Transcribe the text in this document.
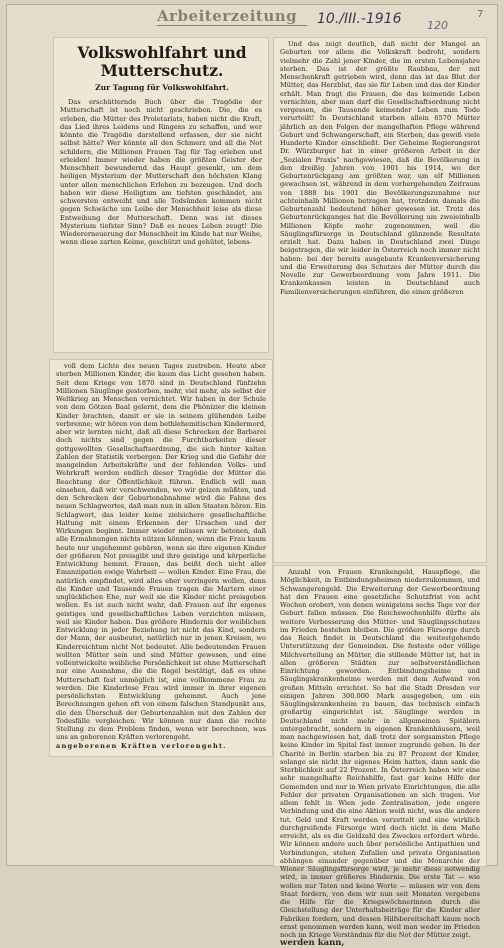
Arbeiterzeitung 10./III.-1916 120
7
Volkswohlfahrt und Mutterschutz.
Zur Tagung für Volkswohlfahrt.

Das erschütternde Buch über die Tragödie der Mutterschaft ist noch nicht geschrieben. Die, die es erleben, die Mütter des Proletariats, haben nicht die Kraft, das Lied ihres Leidens und Ringens zu schaffen, und wer könnte die Tragödie darstellend erfassen, der sie nicht selbst hätte? Wer könnte all den Schmerz und all die Not schildern, die Millionen Frauen Tag für Tag erleben und erleiden! Immer wieder haben die größten Geister der Menschheit bewundernd das Haupt gesenkt, um dem heiligen Mysterium der Mutterschaft den höchsten Klang unter allen menschlichen Erleben zu bezeugen. Und doch haben wir diese Heiligtum am tiefsten geschändet, am schwersten entweiht und alle Todsünden kommen nicht gegen Schwäche um Leibe der Menschheit leise als diese Entweihung der Mutterschaft. Denn was ist dieses Mysterium tiefster Sinn? Daß es neues Leben zeugt! Die Wiedererneuerung der Menschheit im Kinde hat nur Weihe, wenn diese zarten Keime, geschützt und gehütet, lebens-

Und das zeigt deutlich, daß nicht der Mangel an Geburten vor allem die Volkskraft bedroht, sondern vielmehr die Zahl jener Kinder, die im ersten Lebensjahre sterben. Das ist der größte Raubbau, der mit Menschenkraft getrieben wird, denn das ist das Blut der Mütter, das Herzblut, das sie für Leben und das der Kinder erhält. Man fragt die Frauen, die das keimende Leben vernichten, aber man darf die Gesellschaftsordnung nicht vergessen, die Tausende keimender Leben zum Tode verurteilt! In Deutschland starben allein 6570 Mütter jährlich an den Folgen der mangelhaften Pflege während Geburt und Schwangerschaft, ein Sterben, das gewiß viele Hunderte Kinder einschließt. Der Geheime Regierungsrat Dr. Würzburger hat in einer größeren Arbeit in der „Sozialen Praxis“ nachgewiesen, daß die Bevölkerung in den dreißig Jahren von 1901 bis 1914, wo der Geburtenrückgang am größten war, um elf Millionen gewachsen ist, während in dem vorhergehenden Zeitraum von 1888 bis 1901 die Bevölkerungszunahme nur achteinhalb Millionen betragen hat, trotzdem damals die Geburtenzahl bedeutend höher gewesen ist. Trotz des Geburtenrückganges hat die Bevölkerung um zweieinhalb Millionen Köpfe mehr zugenommen, weil die Säuglingsfürsorge in Deutschland glänzende Resultate erzielt hat. Dazu haben in Deutschland zwei Dinge beigetragen, die wir leider in Österreich noch immer nicht haben: bei der bereits ausgebaute Krankenversicherung und die Erweiterung des Schutzes der Mütter durch die Novelle zur Gewerbeordnung vom Jahre 1911. Die Krankenkassen leisten in Deutschland auch Familienversicherungen einführen, die einen größeren

voll dem Lichte des neuen Tages zustreben. Heute aber sterben Millionen Kinder, die kaum das Licht gesehen haben. Seit dem Kriege von 1870 sind in Deutschland fünfzehn Millionen Säuglinge gestorben, mehr, viel mehr, als selbst der Weltkrieg an Menschen vernichtet. Wir haben in der Schule von dem Götzen Baal gelernt, dem die Phönizier die kleinen Kinder brachten, damit er sie in seinem glühenden Leibe verbrenne; wir hören von dem bethlehemitischen Kindermord, aber wir lernten nicht, daß all diese Schrecken der Barbarei doch nichts sind gegen die Furchtbarkeiten dieser gottgewollten Gesellschaftsordnung, die sich hinter kalten Zahlen der Statistik verbergen. Der Krieg und die Gefahr der mangelnden Arbeitskräfte und der fehlenden Volks- und Wehrkraft werden endlich dieser Tragödie der Mütter die Beachtung der Öffentlichkeit führen. Endlich will man einsehen, daß wir verschwenden, wo wir geizen müßten, und den Schrecken der Geburtenabnahme wird die Fahne des neuen Schlagwortes, daß man nun in allen Staaten hören. Ein Schlagwort, das leider keine zielsichere gesellschaftliche Haltung mit einem Erkennen der Ursachen und der Wirkungen beginnt. Immer wieder müssen wir betonen, daß alle Ermahnungen nichts nützen können, wenn die Frau kaum heute nur ungehemmt gebären, wenn sie ihre eigenen Kinder der größeren Not preisgibt und ihre geistige und körperliche Entwicklung hemmt. Frauen, das beißt doch nicht aller Emanzipation ewige Wahrheit — wollen Kinder. Eine Frau, die natürlich empfindet, wird alles eher verringern wollen, denn die Kinder und Tausende Frauen tragen die Martern einer unglücklichen Ehe, nur weil sie die Kinder nicht preisgeben wollen. Es ist auch nicht wahr, daß Frauen auf ihr eigenes geistiges und gesellschaftliches Leben verzichten müssen, weil sie Kinder haben. Das größere Hindernis der weiblichen Entwicklung in jeder Beziehung ist nicht das Kind, sondern der Mann, der ausbeutet, natürlich nur in jenen Kreisen, wo Kinderreichtum nicht Not bedeutet. Alle bedeutenden Frauen wollten Mütter sein und sind Mütter gewesen, und eine vollentwickelte weibliche Persönlichkeit ist ohne Mutterschaft nur eine Ausnahme, die die Regel bestätigt, daß es ohne Mutterschaft fast unmöglich ist, eine vollkommene Frau zu werden. Die Kinderlose Frau wird immer in ihrer eigenen persönlichsten Entwicklung gehemmt. Auch jene Berechnungen gehen oft von einem falschen Standpunkt aus, die den Überschuß der Geburtenzahlen mit den Zahlen der Todesfälle vergleichen. Wir können nur dann die rechte Stellung zu dem Problem finden, wenn wir berechnen, was uns an geborenen Kräften verlorengeht.

angeborenen Kräften verlorengeht.

Anzahl von Frauen Krankengeld, Hauspflege, die Möglichkeit, in Entbindungsheimen niederzukommen, und Schwangerengeld. Die Erweiterung der Gewerbeordnung hat den Frauen eine gesetzliche Schutzfrist von acht Wochen erobert, von denen wenigstens sechs Tage vor der Geburt fallen müssen. Die Reichswochenhilfe dürfte als weitere Verbesserung des Mütter- und Säuglingsschutzes im Frieden bestehen bleiben. Die größere Fürsorge durch das Reich findet in Deutschland die weitestgehende Unterstützung der Gemeinden. Die festeste oder völlige Milchverteilung an Mütter, die stillende Mütter ist, hat in allen größeren Städten zur selbstverständlichen Einrichtung geworden. Entbindungsheime und Säuglingskrankenheime werden mit dem Aufwand von großen Mitteln errichtet. So hat die Stadt Dresden vor einigen Jahren 300.000 Mark ausgegeben, um ein Säuglingskrankenheim zu bauen, das technisch einfach großartig eingerichtet ist. Säuglinge werden in Deutschland nicht mehr in allgemeinen Spitälern untergebracht, sondern in eigenen Krankenhäusern, weil man nachgewiesen hat, daß trotz der sorgsamsten Pflege keine Kinder im Spital fast immer zugrunde gehen. In der Charité in Berlin starben bis zu 87 Prozent der Kinder, solange sie nicht ihr eigenes Heim hatten, dann sank die Sterblichkeit auf 22 Prozent. In Österreich haben wir eine sehr mangelhafte Reichshilfe, fast gar keine Hilfe der Gemeinden und nur in Wien private Einrichtungen, die alle Fehler der privaten Organisationen an sich tragen. Vor allem fehlt in Wien jede Zentralisation, jede engere Verbindung und die eine Aktion weiß nicht, was die andere tut. Geld und Kraft werden verzettelt und eine wirklich durchgreifende Fürsorge wird doch nicht in dem Maße erreicht, als es die Geldzahl des Zweckes erfordert würde. Wir können andere auch über persönliche Antipathien und Verbindungen, stehen Zufallen und private Organisation abhängen einander gegenüber und die Monarchie der Wiener Säuglingsfürsorge wird, je mehr diese notwendig wird, in immer größeres Hindernis. Die erste Tat — wie wollen nur Taten und keine Worte — müssen wir von dem Staat fordern, von dem wir nun seit Monaten vergebens die Hilfe für die Kriegswöchnerinnen durch die Gleichstellung der Unterhaltsbeiträge für die Kinder aller Fabriken fordern, und dessen Hilfsbereitschaft kaum noch ernst genommen werden kann, weil man weder im Frieden noch im Kriege Verständnis für die Not der Mütter zeigt.

werden kann,
